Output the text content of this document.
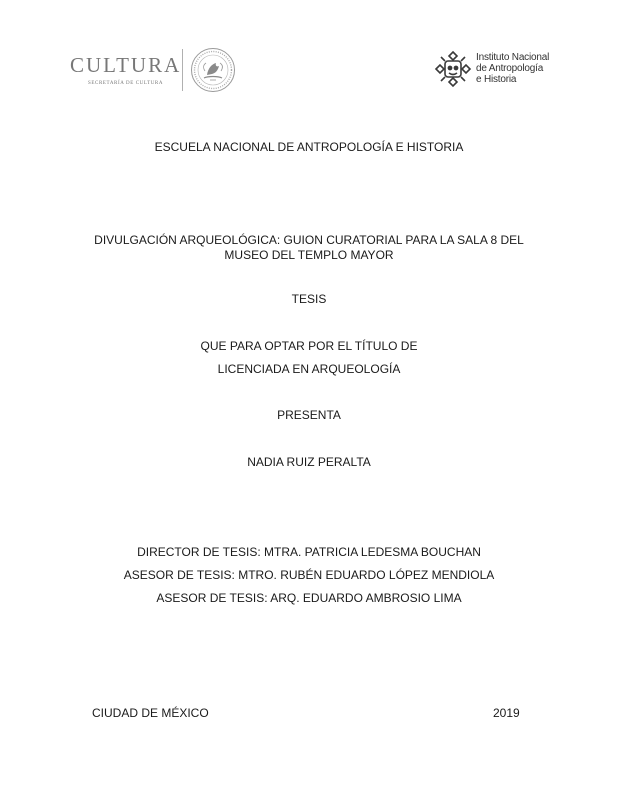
CULTURA
SECRETARÍA DE CULTURA
Instituto Nacional
de Antropología
e Historia
ESCUELA NACIONAL DE ANTROPOLOGÍA E HISTORIA
DIVULGACIÓN ARQUEOLÓGICA: GUION CURATORIAL PARA LA SALA 8 DEL
MUSEO DEL TEMPLO MAYOR
TESIS
QUE PARA OPTAR POR EL TÍTULO DE
LICENCIADA EN ARQUEOLOGÍA
PRESENTA
NADIA RUIZ PERALTA
DIRECTOR DE TESIS: MTRA. PATRICIA LEDESMA BOUCHAN
ASESOR DE TESIS: MTRO. RUBÉN EDUARDO LÓPEZ MENDIOLA
ASESOR DE TESIS: ARQ. EDUARDO AMBROSIO LIMA
CIUDAD DE MÉXICO	2019
